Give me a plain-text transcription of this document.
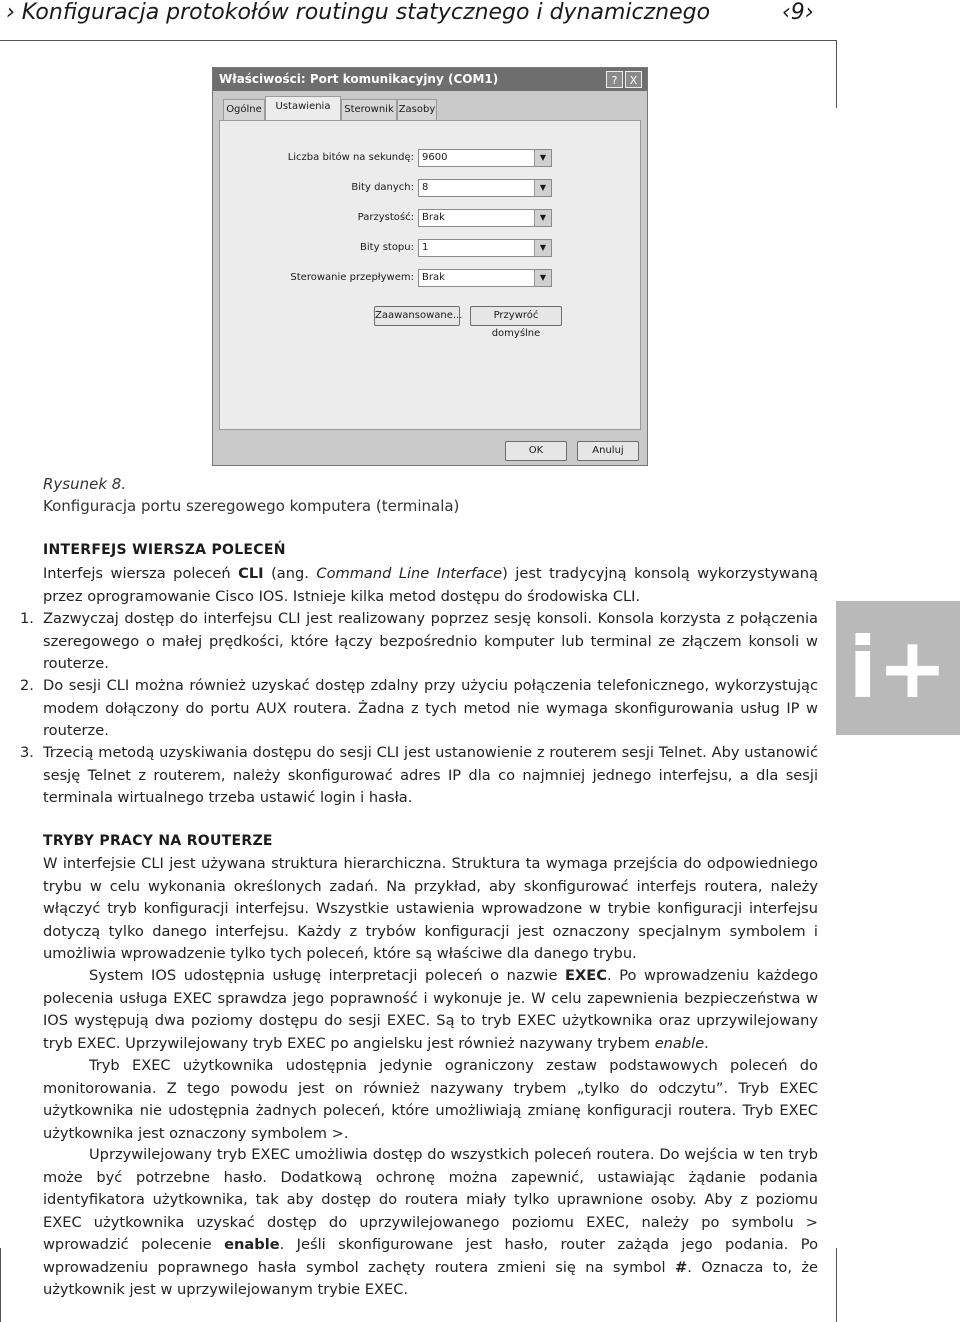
› Konfiguracja protokołów routingu statycznego i dynamicznego	‹9›
Właściwości: Port komunikacyjny (COM1)	?	X
Ogólne	Ustawienia	Sterownik Zasoby
Liczba bitów na sekundę: 9600	▼
Bity danych: 8	▼
Parzystość: Brak	▼
Bity stopu: 1	▼
Sterowanie przepływem: Brak	▼
Zaawansowane...	Przywróć domyślne
OK	Anuluj
Rysunek 8.
Konfiguracja portu szeregowego komputera (terminala)
INTERFEJS WIERSZA POLECEŃ
Interfejs wiersza poleceń CLI (ang. Command Line Interface) jest tradycyjną konsolą wykorzystywaną przez oprogramowanie Cisco IOS. Istnieje kilka metod dostępu do środowiska CLI.
1. Zazwyczaj dostęp do interfejsu CLI jest realizowany poprzez sesję konsoli. Konsola korzysta z połączenia szeregowego o małej prędkości, które łączy bezpośrednio komputer lub terminal ze złączem konsoli w routerze.
2. Do sesji CLI można również uzyskać dostęp zdalny przy użyciu połączenia telefonicznego, wykorzystując modem dołączony do portu AUX routera. Żadna z tych metod nie wymaga skonfigurowania usług IP w routerze.
3. Trzecią metodą uzyskiwania dostępu do sesji CLI jest ustanowienie z routerem sesji Telnet. Aby ustanowić sesję Telnet z routerem, należy skonfigurować adres IP dla co najmniej jednego interfejsu, a dla sesji terminala wirtualnego trzeba ustawić login i hasła.
TRYBY PRACY NA ROUTERZE
W interfejsie CLI jest używana struktura hierarchiczna. Struktura ta wymaga przejścia do odpowiedniego trybu w celu wykonania określonych zadań. Na przykład, aby skonfigurować interfejs routera, należy włączyć tryb konfiguracji interfejsu. Wszystkie ustawienia wprowadzone w trybie konfiguracji interfejsu dotyczą tylko danego interfejsu. Każdy z trybów konfiguracji jest oznaczony specjalnym symbolem i umożliwia wprowadzenie tylko tych poleceń, które są właściwe dla danego trybu.
System IOS udostępnia usługę interpretacji poleceń o nazwie EXEC. Po wprowadzeniu każdego polecenia usługa EXEC sprawdza jego poprawność i wykonuje je. W celu zapewnienia bezpieczeństwa w IOS występują dwa poziomy dostępu do sesji EXEC. Są to tryb EXEC użytkownika oraz uprzywilejowany tryb EXEC. Uprzywilejowany tryb EXEC po angielsku jest również nazywany trybem enable.
Tryb EXEC użytkownika udostępnia jedynie ograniczony zestaw podstawowych poleceń do monitorowania. Z tego powodu jest on również nazywany trybem „tylko do odczytu”. Tryb EXEC użytkownika nie udostępnia żadnych poleceń, które umożliwiają zmianę konfiguracji routera. Tryb EXEC użytkownika jest oznaczony symbolem >.
Uprzywilejowany tryb EXEC umożliwia dostęp do wszystkich poleceń routera. Do wejścia w ten tryb może być potrzebne hasło. Dodatkową ochronę można zapewnić, ustawiając żądanie podania identyfikatora użytkownika, tak aby dostęp do routera miały tylko uprawnione osoby. Aby z poziomu EXEC użytkownika uzyskać dostęp do uprzywilejowanego poziomu EXEC, należy po symbolu > wprowadzić polecenie enable. Jeśli skonfigurowane jest hasło, router zażąda jego podania. Po wprowadzeniu poprawnego hasła symbol zachęty routera zmieni się na symbol #. Oznacza to, że użytkownik jest w uprzywilejowanym trybie EXEC.
i+
